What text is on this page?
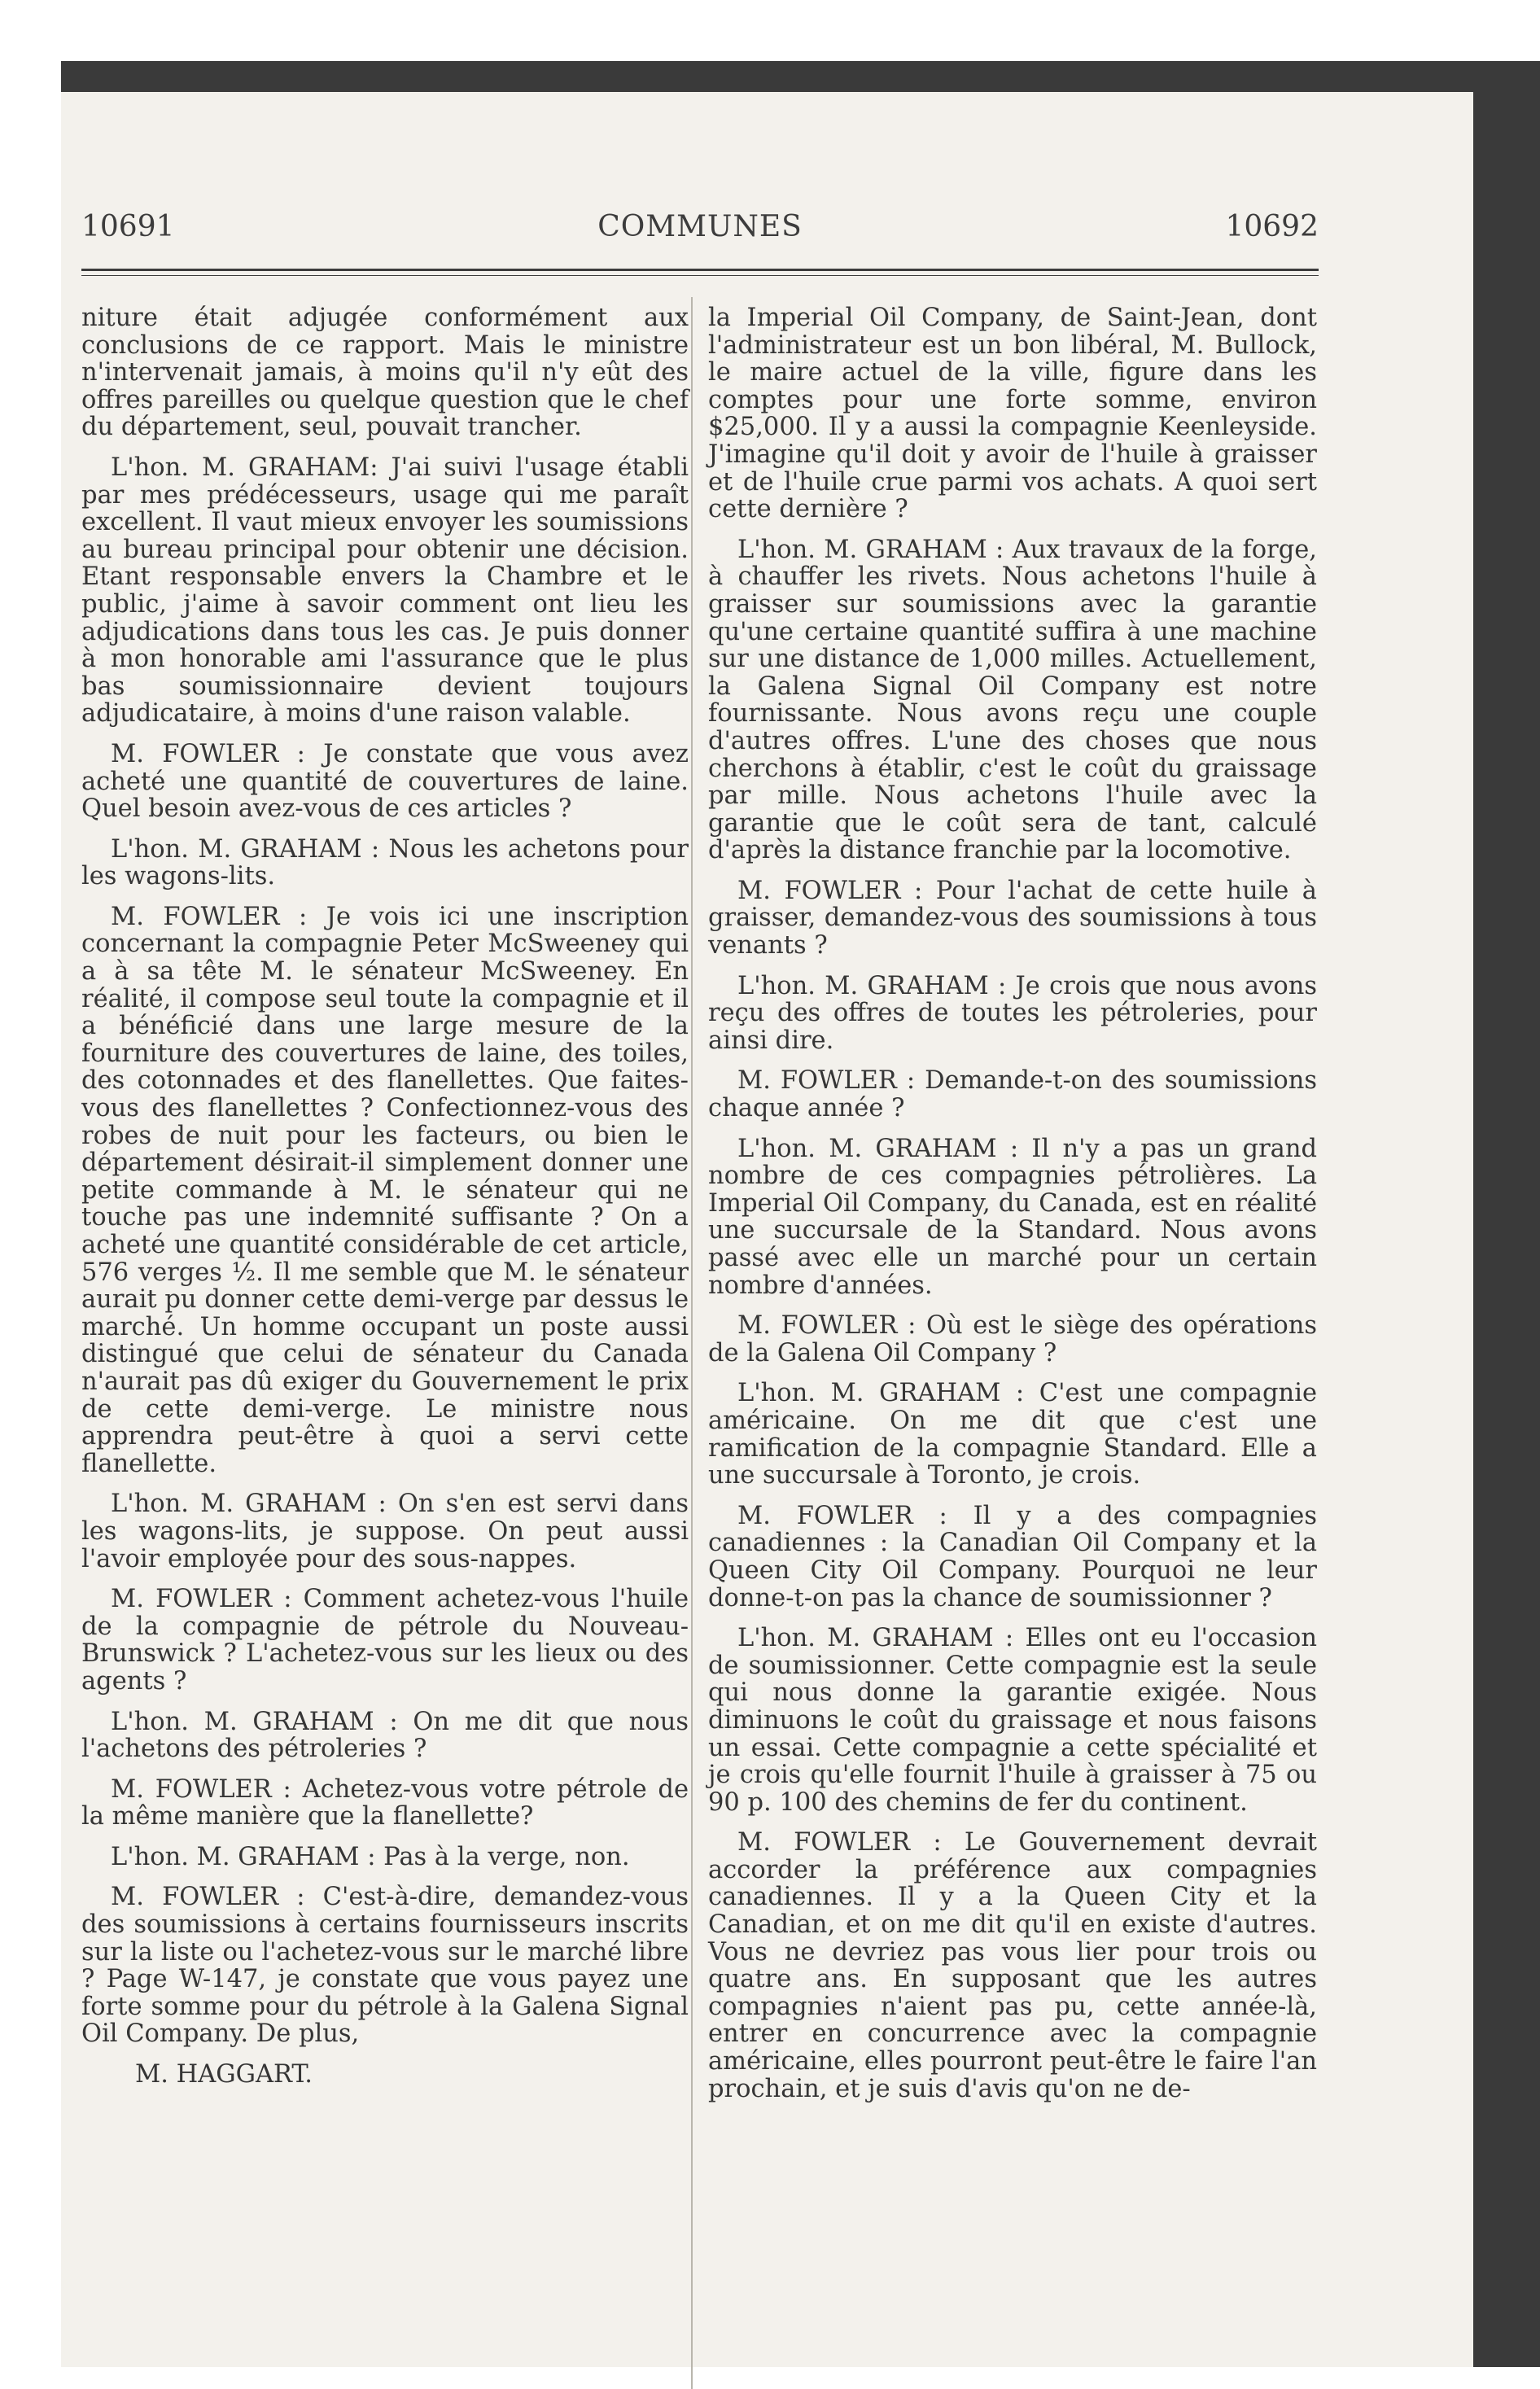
10691	COMMUNES	10692

niture était adjugée conformément aux conclusions de ce rapport. Mais le ministre n'intervenait jamais, à moins qu'il n'y eût des offres pareilles ou quelque question que le chef du département, seul, pouvait trancher.

L'hon. M. GRAHAM: J'ai suivi l'usage établi par mes prédécesseurs, usage qui me paraît excellent. Il vaut mieux envoyer les soumissions au bureau principal pour obtenir une décision. Etant responsable envers la Chambre et le public, j'aime à savoir comment ont lieu les adjudications dans tous les cas. Je puis donner à mon honorable ami l'assurance que le plus bas soumissionnaire devient toujours adjudicataire, à moins d'une raison valable.

M. FOWLER : Je constate que vous avez acheté une quantité de couvertures de laine. Quel besoin avez-vous de ces articles ?

L'hon. M. GRAHAM : Nous les achetons pour les wagons-lits.

M. FOWLER : Je vois ici une inscription concernant la compagnie Peter McSweeney qui a à sa tête M. le sénateur McSweeney. En réalité, il compose seul toute la compagnie et il a bénéficié dans une large mesure de la fourniture des couvertures de laine, des toiles, des cotonnades et des flanellettes. Que faites-vous des flanellettes ? Confectionnez-vous des robes de nuit pour les facteurs, ou bien le département désirait-il simplement donner une petite commande à M. le sénateur qui ne touche pas une indemnité suffisante ? On a acheté une quantité considérable de cet article, 576 verges ½. Il me semble que M. le sénateur aurait pu donner cette demi-verge par dessus le marché. Un homme occupant un poste aussi distingué que celui de sénateur du Canada n'aurait pas dû exiger du Gouvernement le prix de cette demi-verge. Le ministre nous apprendra peut-être à quoi a servi cette flanellette.

L'hon. M. GRAHAM : On s'en est servi dans les wagons-lits, je suppose. On peut aussi l'avoir employée pour des sous-nappes.

M. FOWLER : Comment achetez-vous l'huile de la compagnie de pétrole du Nouveau-Brunswick ? L'achetez-vous sur les lieux ou des agents ?

L'hon. M. GRAHAM : On me dit que nous l'achetons des pétroleries ?

M. FOWLER : Achetez-vous votre pétrole de la même manière que la flanellette?

L'hon. M. GRAHAM : Pas à la verge, non.

M. FOWLER : C'est-à-dire, demandez-vous des soumissions à certains fournisseurs inscrits sur la liste ou l'achetez-vous sur le marché libre ? Page W-147, je constate que vous payez une forte somme pour du pétrole à la Galena Signal Oil Company. De plus,

M. HAGGART.

la Imperial Oil Company, de Saint-Jean, dont l'administrateur est un bon libéral, M. Bullock, le maire actuel de la ville, figure dans les comptes pour une forte somme, environ $25,000. Il y a aussi la compagnie Keenleyside. J'imagine qu'il doit y avoir de l'huile à graisser et de l'huile crue parmi vos achats. A quoi sert cette dernière ?

L'hon. M. GRAHAM : Aux travaux de la forge, à chauffer les rivets. Nous achetons l'huile à graisser sur soumissions avec la garantie qu'une certaine quantité suffira à une machine sur une distance de 1,000 milles. Actuellement, la Galena Signal Oil Company est notre fournissante. Nous avons reçu une couple d'autres offres. L'une des choses que nous cherchons à établir, c'est le coût du graissage par mille. Nous achetons l'huile avec la garantie que le coût sera de tant, calculé d'après la distance franchie par la locomotive.

M. FOWLER : Pour l'achat de cette huile à graisser, demandez-vous des soumissions à tous venants ?

L'hon. M. GRAHAM : Je crois que nous avons reçu des offres de toutes les pétroleries, pour ainsi dire.

M. FOWLER : Demande-t-on des soumissions chaque année ?

L'hon. M. GRAHAM : Il n'y a pas un grand nombre de ces compagnies pétrolières. La Imperial Oil Company, du Canada, est en réalité une succursale de la Standard. Nous avons passé avec elle un marché pour un certain nombre d'années.

M. FOWLER : Où est le siège des opérations de la Galena Oil Company ?

L'hon. M. GRAHAM : C'est une compagnie américaine. On me dit que c'est une ramification de la compagnie Standard. Elle a une succursale à Toronto, je crois.

M. FOWLER : Il y a des compagnies canadiennes : la Canadian Oil Company et la Queen City Oil Company. Pourquoi ne leur donne-t-on pas la chance de soumissionner ?

L'hon. M. GRAHAM : Elles ont eu l'occasion de soumissionner. Cette compagnie est la seule qui nous donne la garantie exigée. Nous diminuons le coût du graissage et nous faisons un essai. Cette compagnie a cette spécialité et je crois qu'elle fournit l'huile à graisser à 75 ou 90 p. 100 des chemins de fer du continent.

M. FOWLER : Le Gouvernement devrait accorder la préférence aux compagnies canadiennes. Il y a la Queen City et la Canadian, et on me dit qu'il en existe d'autres. Vous ne devriez pas vous lier pour trois ou quatre ans. En supposant que les autres compagnies n'aient pas pu, cette année-là, entrer en concurrence avec la compagnie américaine, elles pourront peut-être le faire l'an prochain, et je suis d'avis qu'on ne de-
